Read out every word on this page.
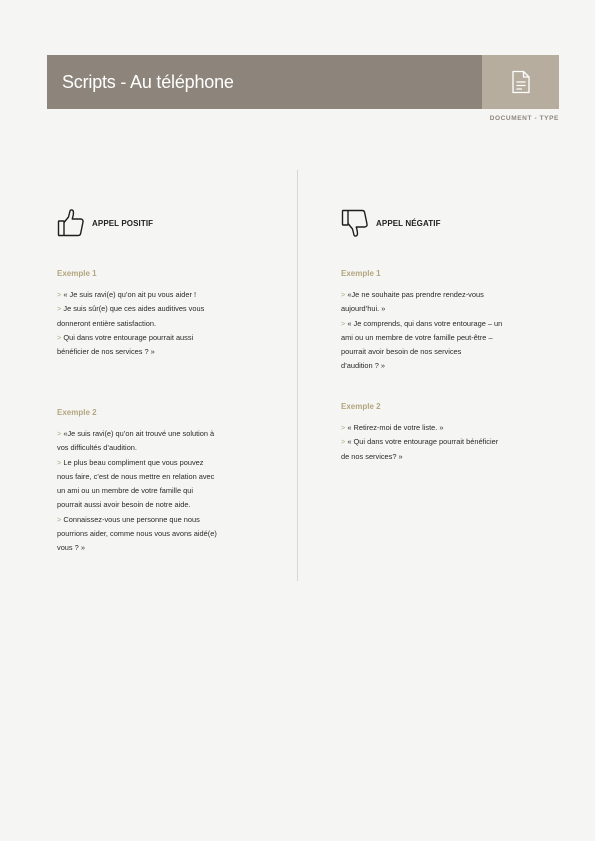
Scripts - Au téléphone
DOCUMENT - TYPE
APPEL POSITIF
Exemple 1
> « Je suis ravi(e) qu’on ait pu vous aider !
> Je suis sûr(e) que ces aides auditives vous
donneront entière satisfaction.
> Qui dans votre entourage pourrait aussi
bénéficier de nos services ? »
Exemple 2
> «Je suis ravi(e) qu’on ait trouvé une solution à
vos difficultés d’audition.
> Le plus beau compliment que vous pouvez
nous faire, c’est de nous mettre en relation avec
un ami ou un membre de votre famille qui
pourrait aussi avoir besoin de notre aide.
> Connaissez-vous une personne que nous
pourrions aider, comme nous vous avons aidé(e)
vous ? »
APPEL NÉGATIF
Exemple 1
> «Je ne souhaite pas prendre rendez-vous
aujourd’hui. »
> « Je comprends, qui dans votre entourage – un
ami ou un membre de votre famille peut-être –
pourrait avoir besoin de nos services
d’audition ? »
Exemple 2
> « Retirez-moi de votre liste. »
> « Qui dans votre entourage pourrait bénéficier
de nos services? »
